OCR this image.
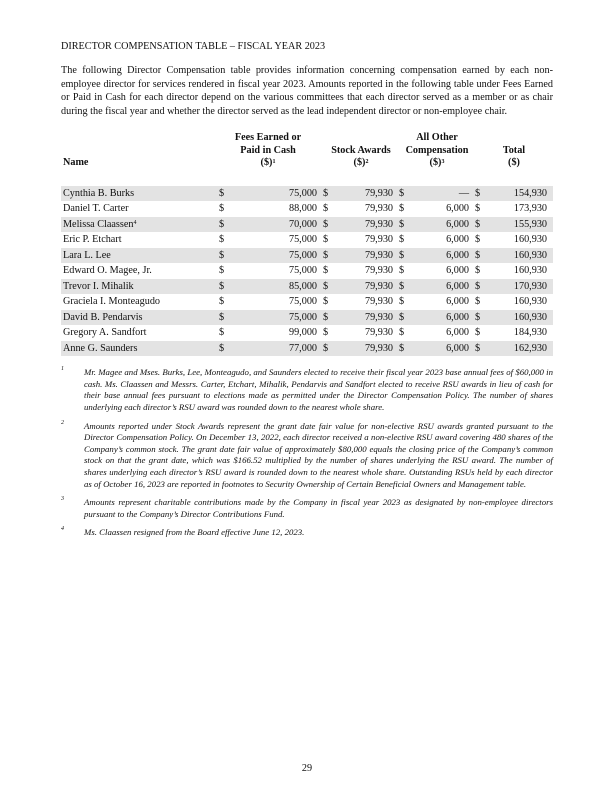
DIRECTOR COMPENSATION TABLE – FISCAL YEAR 2023

The following Director Compensation table provides information concerning compensation earned by each non-employee director for services rendered in fiscal year 2023. Amounts reported in the following table under Fees Earned or Paid in Cash for each director depend on the various committees that each director served as a member or as chair during the fiscal year and whether the director served as the lead independent director or non-employee chair.

Name	
Fees Earned or
Paid in Cash
($)$^1$

Stock Awards
($)$^2$

All Other
Compensation
($)$^3$

Total
($)

Cynthia B. Burks	$	75,000	$	79,930	$	—	$	154,930
Daniel T. Carter	$	88,000	$	79,930	$	6,000	$	173,930
Melissa Claassen$^4$	$	70,000	$	79,930	$	6,000	$	155,930
Eric P. Etchart	$	75,000	$	79,930	$	6,000	$	160,930
Lara L. Lee	$	75,000	$	79,930	$	6,000	$	160,930
Edward O. Magee, Jr.	$	75,000	$	79,930	$	6,000	$	160,930
Trevor I. Mihalik	$	85,000	$	79,930	$	6,000	$	170,930
Graciela I. Monteagudo	$	75,000	$	79,930	$	6,000	$	160,930
David B. Pendarvis	$	75,000	$	79,930	$	6,000	$	160,930
Gregory A. Sandfort	$	99,000	$	79,930	$	6,000	$	184,930
Anne G. Saunders	$	77,000	$	79,930	$	6,000	$	162,930
1	Mr. Magee and Mses. Burks, Lee, Monteagudo, and Saunders elected to receive their fiscal year 2023 base annual fees of $60,000 in cash. Ms. Claassen and Messrs. Carter, Etchart, Mihalik, Pendarvis and Sandfort elected to receive RSU awards in lieu of cash for their base annual fees pursuant to elections made as permitted under the Director Compensation Policy. The number of shares underlying each director’s RSU award was rounded down to the nearest whole share.
2	Amounts reported under Stock Awards represent the grant date fair value for non-elective RSU awards granted pursuant to the Director Compensation Policy. On December 13, 2022, each director received a non-elective RSU award covering 480 shares of the Company’s common stock. The grant date fair value of approximately $80,000 equals the closing price of the Company’s common stock on that the grant date, which was $166.52 multiplied by the number of shares underlying the RSU award. The number of shares underlying each director’s RSU award is rounded down to the nearest whole share. Outstanding RSUs held by each director as of October 16, 2023 are reported in footnotes to Security Ownership of Certain Beneficial Owners and Management table.
3	Amounts represent charitable contributions made by the Company in fiscal year 2023 as designated by non-employee directors pursuant to the Company’s Director Contributions Fund.
4	Ms. Claassen resigned from the Board effective June 12, 2023.
29
